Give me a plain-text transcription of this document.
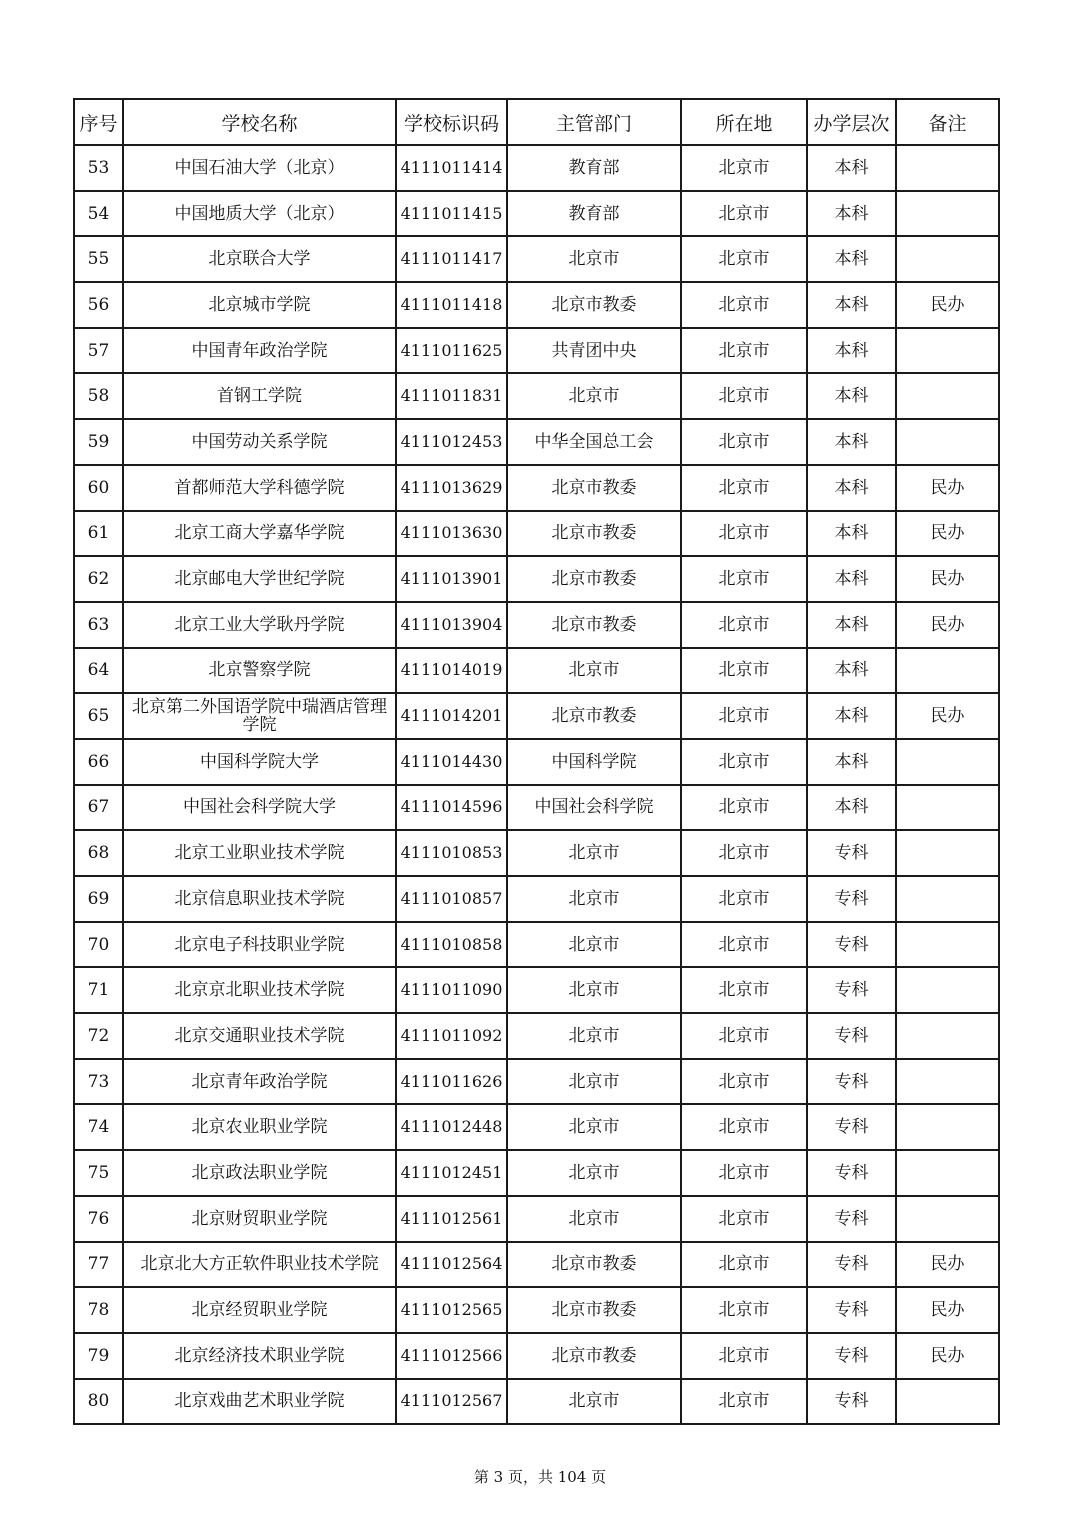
序号	学校名称	学校标识码	主管部门	所在地	办学层次	备注
53	中国石油大学（北京）	4111011414	教育部	北京市	本科	
54	中国地质大学（北京）	4111011415	教育部	北京市	本科	
55	北京联合大学	4111011417	北京市	北京市	本科	
56	北京城市学院	4111011418	北京市教委	北京市	本科	民办
57	中国青年政治学院	4111011625	共青团中央	北京市	本科	
58	首钢工学院	4111011831	北京市	北京市	本科	
59	中国劳动关系学院	4111012453	中华全国总工会	北京市	本科	
60	首都师范大学科德学院	4111013629	北京市教委	北京市	本科	民办
61	北京工商大学嘉华学院	4111013630	北京市教委	北京市	本科	民办
62	北京邮电大学世纪学院	4111013901	北京市教委	北京市	本科	民办
63	北京工业大学耿丹学院	4111013904	北京市教委	北京市	本科	民办
64	北京警察学院	4111014019	北京市	北京市	本科	
65	北京第二外国语学院中瑞酒店管理学院	4111014201	北京市教委	北京市	本科	民办
66	中国科学院大学	4111014430	中国科学院	北京市	本科	
67	中国社会科学院大学	4111014596	中国社会科学院	北京市	本科	
68	北京工业职业技术学院	4111010853	北京市	北京市	专科	
69	北京信息职业技术学院	4111010857	北京市	北京市	专科	
70	北京电子科技职业学院	4111010858	北京市	北京市	专科	
71	北京京北职业技术学院	4111011090	北京市	北京市	专科	
72	北京交通职业技术学院	4111011092	北京市	北京市	专科	
73	北京青年政治学院	4111011626	北京市	北京市	专科	
74	北京农业职业学院	4111012448	北京市	北京市	专科	
75	北京政法职业学院	4111012451	北京市	北京市	专科	
76	北京财贸职业学院	4111012561	北京市	北京市	专科	
77	北京北大方正软件职业技术学院	4111012564	北京市教委	北京市	专科	民办
78	北京经贸职业学院	4111012565	北京市教委	北京市	专科	民办
79	北京经济技术职业学院	4111012566	北京市教委	北京市	专科	民办
80	北京戏曲艺术职业学院	4111012567	北京市	北京市	专科	
第 3 页，共 104 页
